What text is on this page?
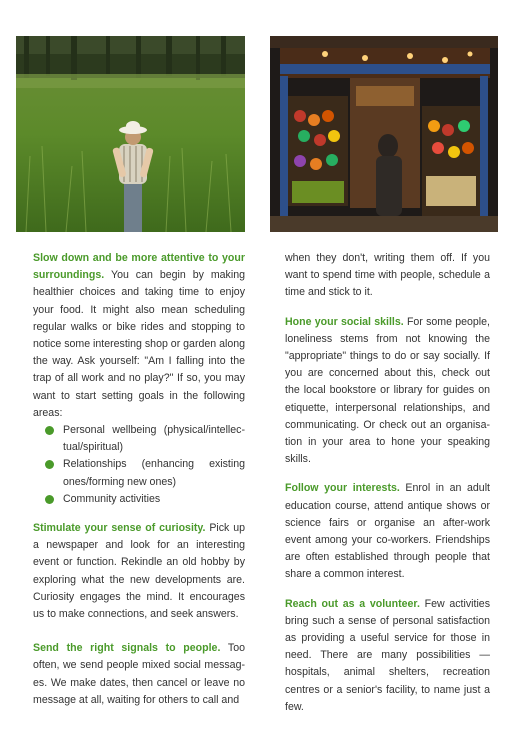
Slow down and be more attentive to your surroundings. You can begin by making healthier choices and taking time to enjoy your food. It might also mean scheduling regular walks or bike rides and stopping to notice some interesting shop or garden along the way. Ask yourself: "Am I falling into the trap of all work and no play?" If so, you may want to start setting goals in the following areas:

Personal wellbeing (physical/intellectual/spiritual)
Relationships (enhancing existing ones/forming new ones)
Community activities

Stimulate your sense of curiosity. Pick up a newspaper and look for an interesting event or function. Rekindle an old hobby by exploring what the new developments are. Curiosity engages the mind. It encourages us to make connections, and seek answers.

Send the right signals to people. Too often, we send people mixed social messages. We make dates, then cancel or leave no message at all, waiting for others to call and

when they don't, writing them off. If you want to spend time with people, schedule a time and stick to it.

Hone your social skills. For some people, loneliness stems from not knowing the "appropriate" things to do or say socially. If you are concerned about this, check out the local bookstore or library for guides on etiquette, interpersonal relationships, and communicating. Or check out an organisation in your area to hone your speaking skills.

Follow your interests. Enrol in an adult education course, attend antique shows or science fairs or organise an after-work event among your co-workers. Friendships are often established through people that share a common interest.

Reach out as a volunteer. Few activities bring such a sense of personal satisfaction as providing a useful service for those in need. There are many possibilities — hospitals, animal shelters, recreation centres or a senior's facility, to name just a few.
